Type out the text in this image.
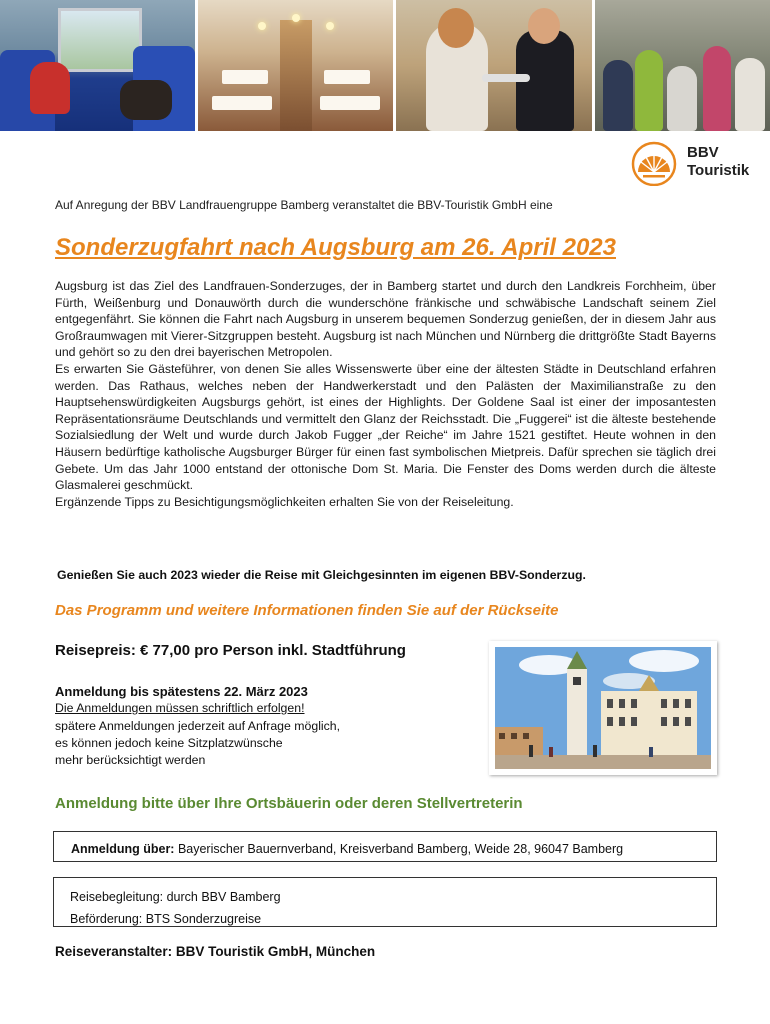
BBV
Touristik
Auf Anregung der BBV Landfrauengruppe Bamberg veranstaltet die BBV-Touristik GmbH eine
Sonderzugfahrt nach Augsburg am 26. April 2023

Augsburg ist das Ziel des Landfrauen-Sonderzuges, der in Bamberg startet und durch den Landkreis Forchheim, über Fürth, Weißenburg und Donauwörth durch die wunderschöne fränkische und schwäbische Landschaft seinem Ziel entgegenfährt. Sie können die Fahrt nach Augsburg in unserem bequemen Sonderzug genießen, der in diesem Jahr aus Großraumwagen mit Vierer-Sitzgruppen besteht. Augsburg ist nach München und Nürnberg die drittgrößte Stadt Bayerns und gehört so zu den drei bayerischen Metropolen.

Es erwarten Sie Gästeführer, von denen Sie alles Wissenswerte über eine der ältesten Städte in Deutschland erfahren werden. Das Rathaus, welches neben der Handwerkerstadt und den Palästen der Maximilianstraße zu den Hauptsehenswürdigkeiten Augsburgs gehört, ist eines der Highlights. Der Goldene Saal ist einer der imposantesten Repräsentationsräume Deutschlands und vermittelt den Glanz der Reichsstadt. Die „Fuggerei“ ist die älteste bestehende Sozialsiedlung der Welt und wurde durch Jakob Fugger „der Reiche“ im Jahre 1521 gestiftet. Heute wohnen in den Häusern bedürftige katholische Augsburger Bürger für einen fast symbolischen Mietpreis. Dafür sprechen sie täglich drei Gebete. Um das Jahr 1000 entstand der ottonische Dom St. Maria. Die Fenster des Doms werden durch die älteste Glasmalerei geschmückt.

Ergänzende Tipps zu Besichtigungsmöglichkeiten erhalten Sie von der Reiseleitung.

Genießen Sie auch 2023 wieder die Reise mit Gleichgesinnten im eigenen BBV-Sonderzug.
Das Programm und weitere Informationen finden Sie auf der Rückseite
Reisepreis: € 77,00 pro Person inkl. Stadtführung
Anmeldung bis spätestens 22. März 2023
Die Anmeldungen müssen schriftlich erfolgen!
spätere Anmeldungen jederzeit auf Anfrage möglich,
es können jedoch keine Sitzplatzwünsche
mehr berücksichtigt werden
Anmeldung bitte über Ihre Ortsbäuerin oder deren Stellvertreterin
Anmeldung über: Bayerischer Bauernverband, Kreisverband Bamberg, Weide 28, 96047 Bamberg
Reisebegleitung: durch BBV Bamberg
Beförderung: BTS Sonderzugreise
Reiseveranstalter: BBV Touristik GmbH, München
